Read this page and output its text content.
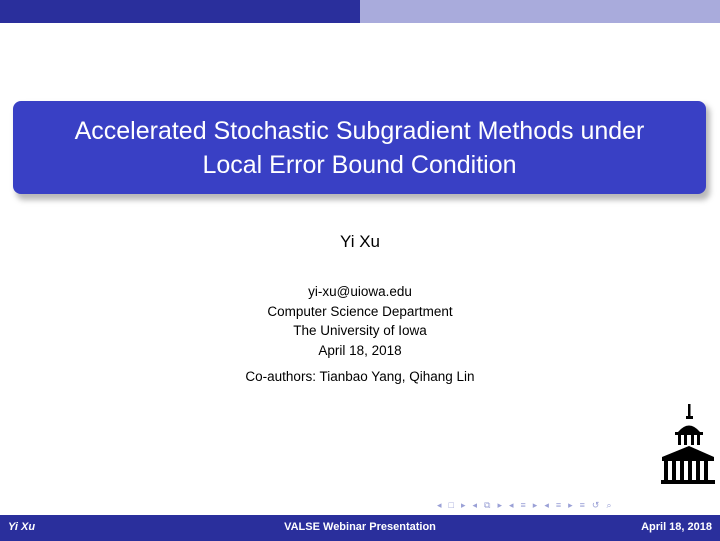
Accelerated Stochastic Subgradient Methods under
Local Error Bound Condition
Yi Xu
yi-xu@uiowa.edu
Computer Science Department
The University of Iowa
April 18, 2018
Co-authors: Tianbao Yang, Qihang Lin
◂ □ ▸ ◂ ⧉ ▸ ◂ ≡ ▸ ◂ ≡ ▸ ≡ ↺ ⌕
Yi Xu	VALSE Webinar Presentation	April 18, 2018
